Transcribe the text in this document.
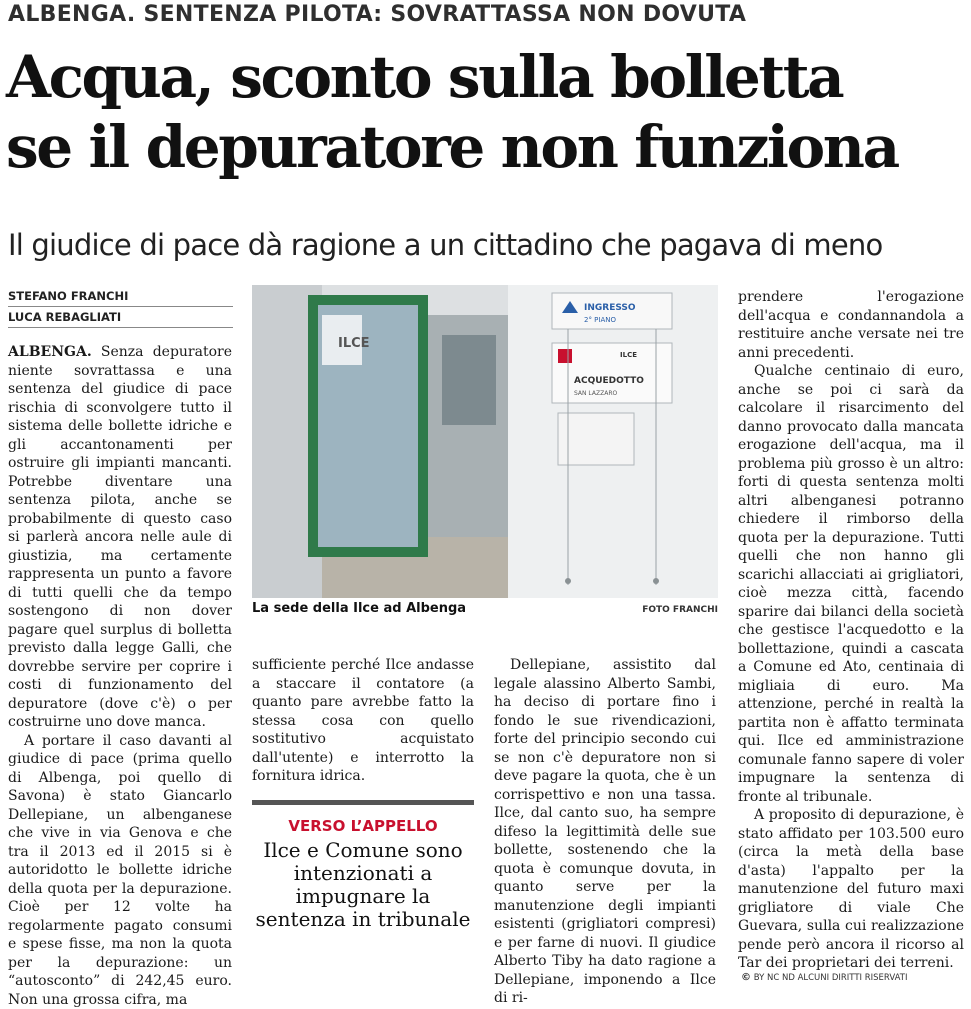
ALBENGA. SENTENZA PILOTA: SOVRATTASSA NON DOVUTA
Acqua, sconto sulla bolletta
se il depuratore non funziona
Il giudice di pace dà ragione a un cittadino che pagava di meno
STEFANO FRANCHI
LUCA REBAGLIATI

ALBENGA. Senza depuratore niente sovrattassa e una sentenza del giudice di pace rischia di sconvolgere tutto il sistema delle bollette idriche e gli accantonamenti per ostruire gli impianti mancanti. Potrebbe diventare una sentenza pilota, anche se probabilmente di questo caso si parlerà ancora nelle aule di giustizia, ma certamente rappresenta un punto a favore di tutti quelli che da tempo sostengono di non dover pagare quel surplus di bolletta previsto dalla legge Galli, che dovrebbe servire per coprire i costi di funzionamento del depuratore (dove c'è) o per costruirne uno dove manca.

A portare il caso davanti al giudice di pace (prima quello di Albenga, poi quello di Savona) è stato Giancarlo Dellepiane, un albenganese che vive in via Genova e che tra il 2013 ed il 2015 si è autoridotto le bollette idriche della quota per la depurazione. Cioè per 12 volte ha regolarmente pagato consumi e spese fisse, ma non la quota per la depurazione: un “autosconto” di 242,45 euro. Non una grossa cifra, ma

ILCE
INGRESSO
2° PIANO
ILCE
ACQUEDOTTO
SAN LAZZARO
La sede della Ilce ad Albenga	FOTO FRANCHI

sufficiente perché Ilce andasse a staccare il contatore (a quanto pare avrebbe fatto la stessa cosa con quello sostitutivo acquistato dall'utente) e interrotto la fornitura idrica.

VERSO L’APPELLO
Ilce e Comune sono intenzionati a impugnare la sentenza in tribunale

Dellepiane, assistito dal legale alassino Alberto Sambi, ha deciso di portare fino i fondo le sue rivendicazioni, forte del principio secondo cui se non c'è depuratore non si deve pagare la quota, che è un corrispettivo e non una tassa. Ilce, dal canto suo, ha sempre difeso la legittimità delle sue bollette, sostenendo che la quota è comunque dovuta, in quanto serve per la manutenzione degli impianti esistenti (grigliatori compresi) e per farne di nuovi. Il giudice Alberto Tiby ha dato ragione a Dellepiane, imponendo a Ilce di ri-

prendere l'erogazione dell'acqua e condannandola a restituire anche versate nei tre anni precedenti.

Qualche centinaio di euro, anche se poi ci sarà da calcolare il risarcimento del danno provocato dalla mancata erogazione dell'acqua, ma il problema più grosso è un altro: forti di questa sentenza molti altri albenganesi potranno chiedere il rimborso della quota per la depurazione. Tutti quelli che non hanno gli scarichi allacciati ai grigliatori, cioè mezza città, facendo sparire dai bilanci della società che gestisce l'acquedotto e la bollettazione, quindi a cascata a Comune ed Ato, centinaia di migliaia di euro. Ma attenzione, perché in realtà la partita non è affatto terminata qui. Ilce ed amministrazione comunale fanno sapere di voler impugnare la sentenza di fronte al tribunale.

A proposito di depurazione, è stato affidato per 103.500 euro (circa la metà della base d'asta) l'appalto per la manutenzione del futuro maxi grigliatore di viale Che Guevara, sulla cui realizzazione pende però ancora il ricorso al Tar dei proprietari dei terreni.

© BY NC ND ALCUNI DIRITTI RISERVATI
